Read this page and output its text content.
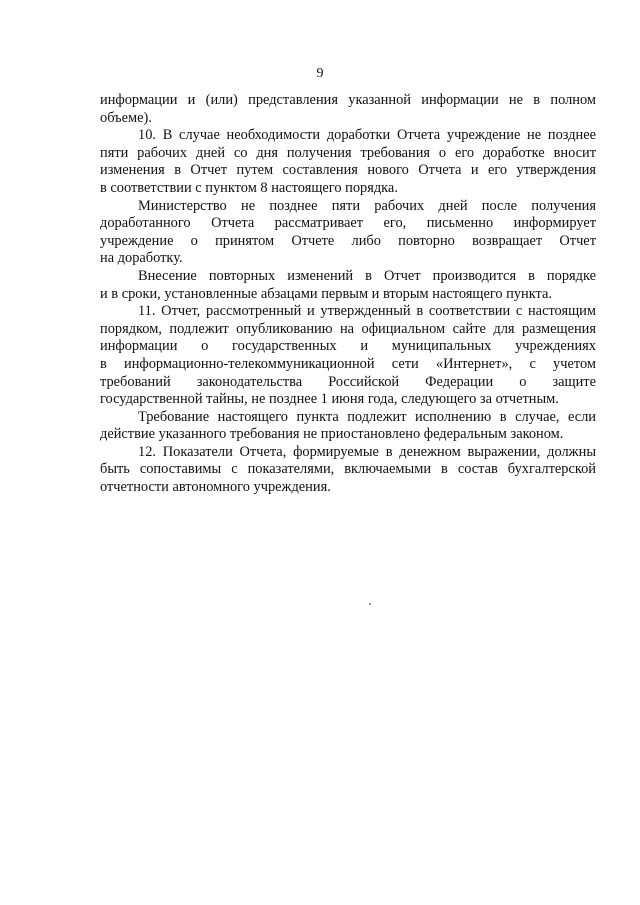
9
информации и (или) представления указанной информации не в полном
объеме).
10. В случае необходимости доработки Отчета учреждение не позднее
пяти рабочих дней со дня получения требования о его доработке вносит
изменения в Отчет путем составления нового Отчета и его утверждения
в соответствии с пунктом 8 настоящего порядка.
Министерство не позднее пяти рабочих дней после получения
доработанного Отчета рассматривает его, письменно информирует
учреждение о принятом Отчете либо повторно возвращает Отчет
на доработку.
Внесение повторных изменений в Отчет производится в порядке
и в сроки, установленные абзацами первым и вторым настоящего пункта.
11. Отчет, рассмотренный и утвержденный в соответствии с настоящим
порядком, подлежит опубликованию на официальном сайте для размещения
информации о государственных и муниципальных учреждениях
в информационно-телекоммуникационной сети «Интернет», с учетом
требований законодательства Российской Федерации о защите
государственной тайны, не позднее 1 июня года, следующего за отчетным.
Требование настоящего пункта подлежит исполнению в случае, если
действие указанного требования не приостановлено федеральным законом.
12. Показатели Отчета, формируемые в денежном выражении, должны
быть сопоставимы с показателями, включаемыми в состав бухгалтерской
отчетности автономного учреждения.
